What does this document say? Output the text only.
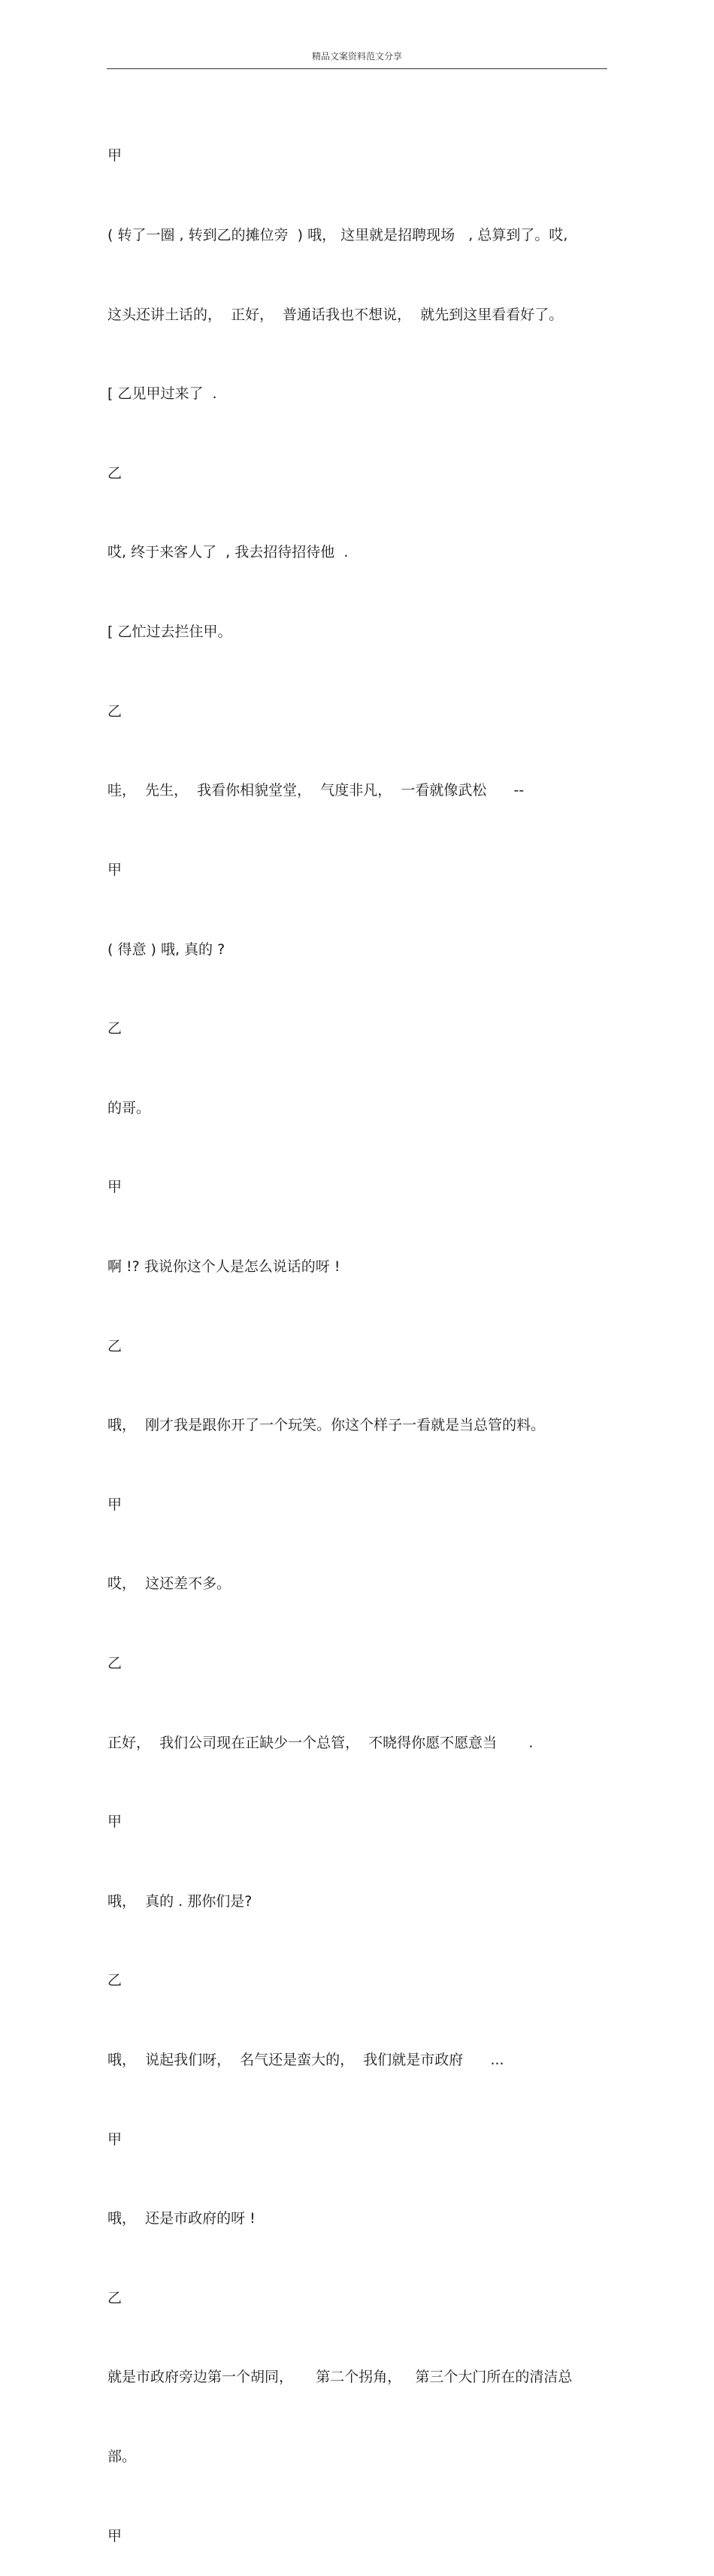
精品文案资料范文分享

甲

( 转了一圈 , 转到乙的摊位旁  ) 哦， 这里就是招聘现场   , 总算到了。哎,

这头还讲土话的，  正好，  普通话我也不想说，  就先到这里看看好了。

[ 乙见甲过来了  .

乙

哎, 终于来客人了  , 我去招待招待他  .

[ 乙忙过去拦住甲。

乙

哇，  先生，  我看你相貌堂堂，  气度非凡，  一看就像武松      --

甲

( 得意 ) 哦, 真的 ?

乙

的哥。

甲

啊 !? 我说你这个人是怎么说话的呀 !

乙

哦，  刚才我是跟你开了一个玩笑。你这个样子一看就是当总管的料。

甲

哎，  这还差不多。

乙

正好，  我们公司现在正缺少一个总管，  不晓得你愿不愿意当       .

甲

哦，  真的 . 那你们是?

乙

哦，  说起我们呀，  名气还是蛮大的，  我们就是市政府      ...

甲

哦，  还是市政府的呀 !

乙

就是市政府旁边第一个胡同，     第二个拐角，   第三个大门所在的清洁总

部。

甲
